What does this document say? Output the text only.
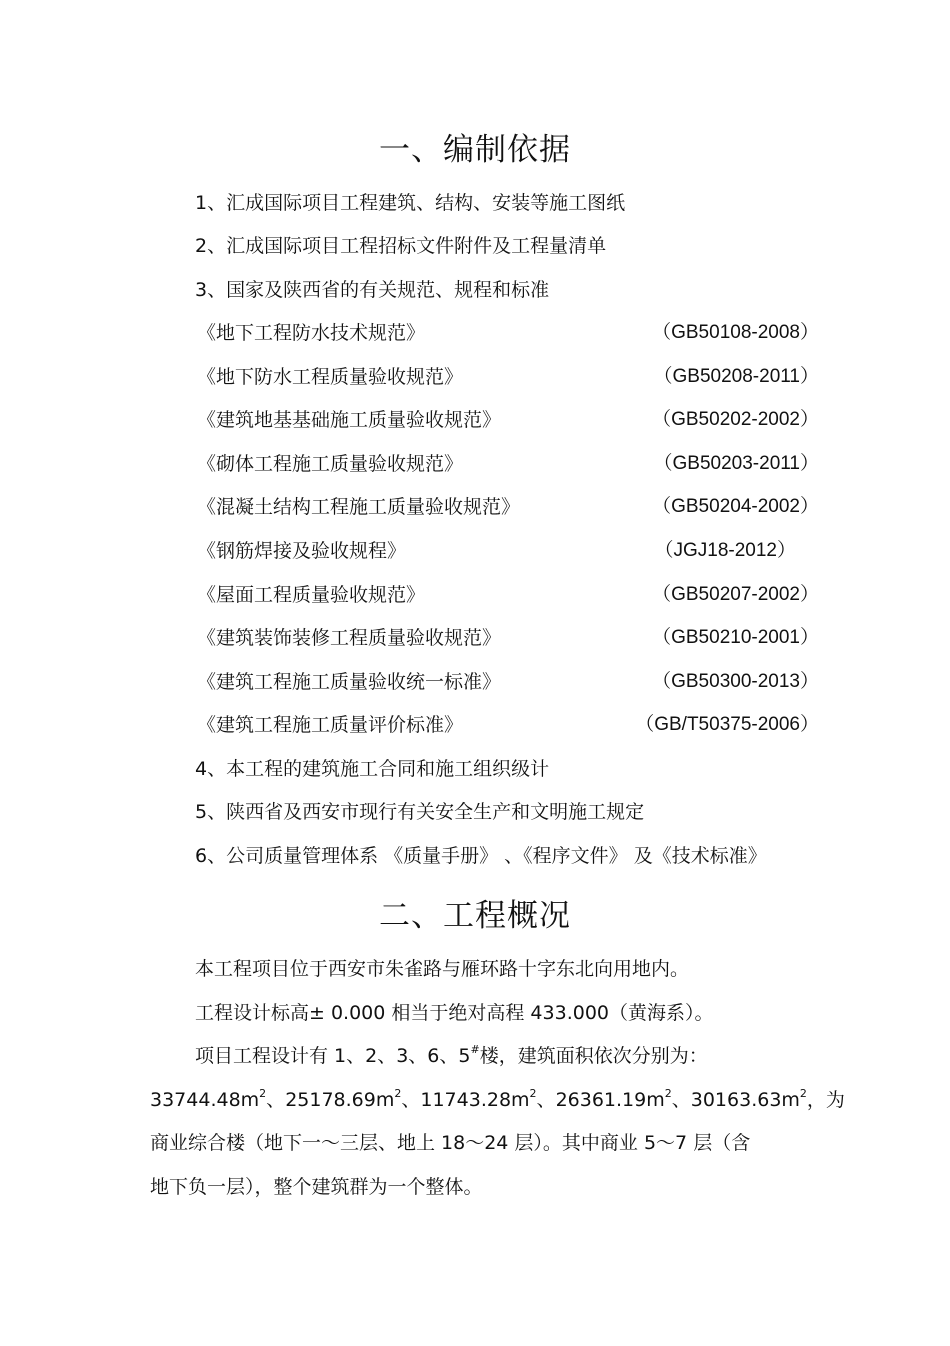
一、编制依据
1、汇成国际项目工程建筑、结构、安装等施工图纸
2、汇成国际项目工程招标文件附件及工程量清单
3、国家及陕西省的有关规范、规程和标准
《地下工程防水技术规范》	（GB50108-2008）
《地下防水工程质量验收规范》	（GB50208-2011）
《建筑地基基础施工质量验收规范》	（GB50202-2002）
《砌体工程施工质量验收规范》	（GB50203-2011）
《混凝土结构工程施工质量验收规范》	（GB50204-2002）
《钢筋焊接及验收规程》	（JGJ18-2012）
《屋面工程质量验收规范》	（GB50207-2002）
《建筑装饰装修工程质量验收规范》	（GB50210-2001）
《建筑工程施工质量验收统一标准》	（GB50300-2013）
《建筑工程施工质量评价标准》	（GB/T50375-2006）
4、本工程的建筑施工合同和施工组织级计
5、陕西省及西安市现行有关安全生产和文明施工规定
6、公司质量管理体系 《质量手册》 、《程序文件》 及《技术标准》
二、工程概况
本工程项目位于西安市朱雀路与雁环路十字东北向用地内。
工程设计标高± 0.000 相当于绝对高程 433.000（黄海系）。
项目工程设计有 1、2、3、6、5#楼，建筑面积依次分别为：
$33744.48m^2$、$25178.69m^2$、$11743.28m^2$、$26361.19m^2$、$30163.63m^2$，为
商业综合楼（地下一～三层、地上 18～24 层）。其中商业 5～7 层（含
地下负一层），整个建筑群为一个整体。
